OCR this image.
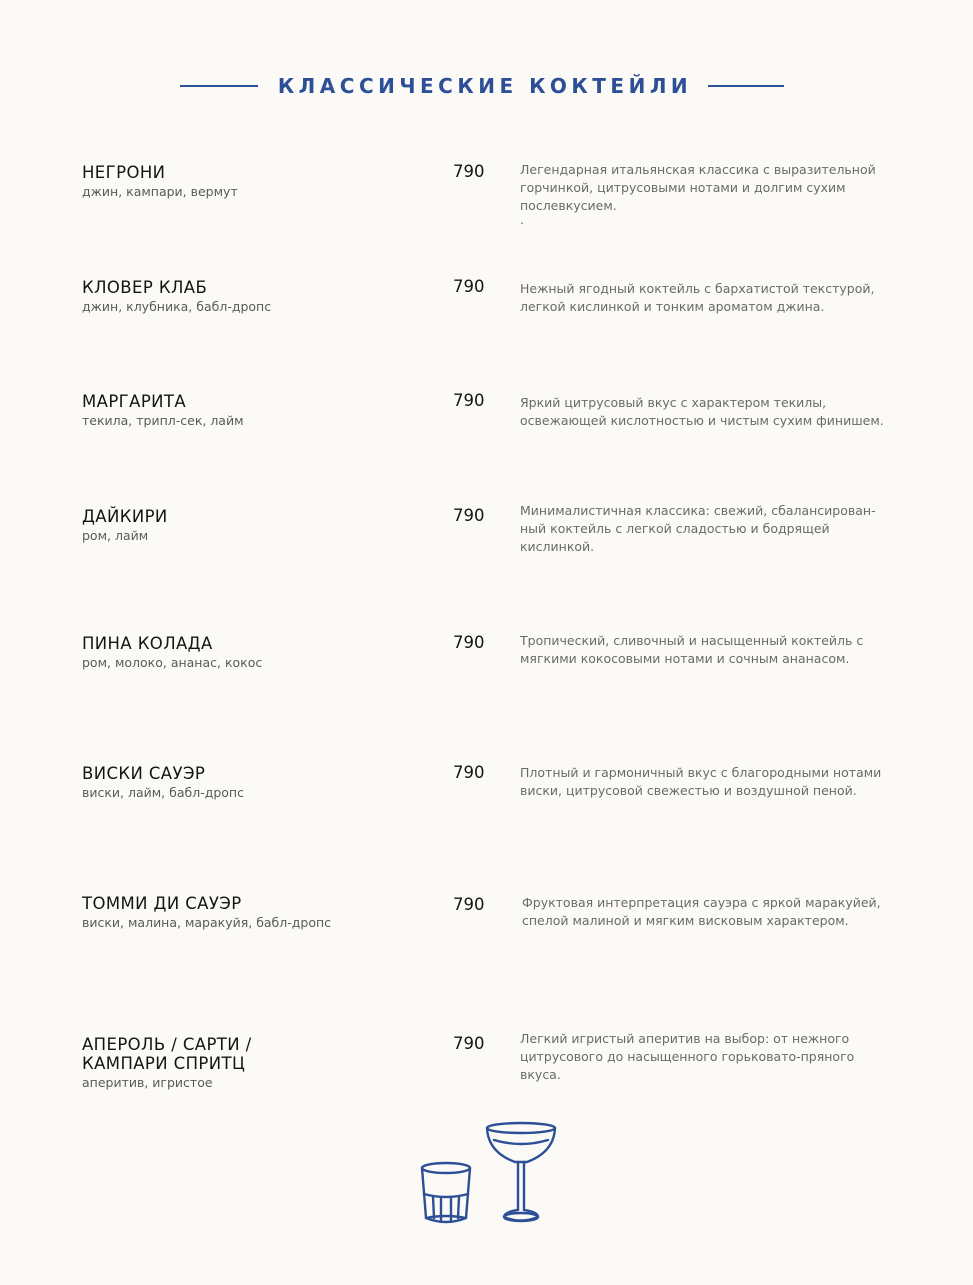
КЛАССИЧЕСКИЕ КОКТЕЙЛИ
НЕГРОНИ
джин, кампари, вермут
790	Легендарная итальянская классика с выразительной
горчинкой, цитрусовыми нотами и долгим сухим
послевкусием.
.
КЛОВЕР КЛАБ
джин, клубника, бабл-дропс
790	Нежный ягодный коктейль с бархатистой текстурой,
легкой кислинкой и тонким ароматом джина.
МАРГАРИТА
текила, трипл-сек, лайм
790	Яркий цитрусовый вкус с характером текилы,
освежающей кислотностью и чистым сухим финишем.
ДАЙКИРИ
ром, лайм
790	Минималистичная классика: свежий, сбалансирован-
ный коктейль с легкой сладостью и бодрящей
кислинкой.
ПИНА КОЛАДА
ром, молоко, ананас, кокос
790	Тропический, сливочный и насыщенный коктейль с
мягкими кокосовыми нотами и сочным ананасом.
ВИСКИ САУЭР
виски, лайм, бабл-дропс
790	Плотный и гармоничный вкус с благородными нотами
виски, цитрусовой свежестью и воздушной пеной.
ТОММИ ДИ САУЭР
виски, малина, маракуйя, бабл-дропс
790	Фруктовая интерпретация сауэра с яркой маракуйей,
спелой малиной и мягким висковым характером.
АПЕРОЛЬ / САРТИ /
КАМПАРИ СПРИТЦ
аперитив, игристое
790	Легкий игристый аперитив на выбор: от нежного
цитрусового до насыщенного горьковато-пряного
вкуса.
